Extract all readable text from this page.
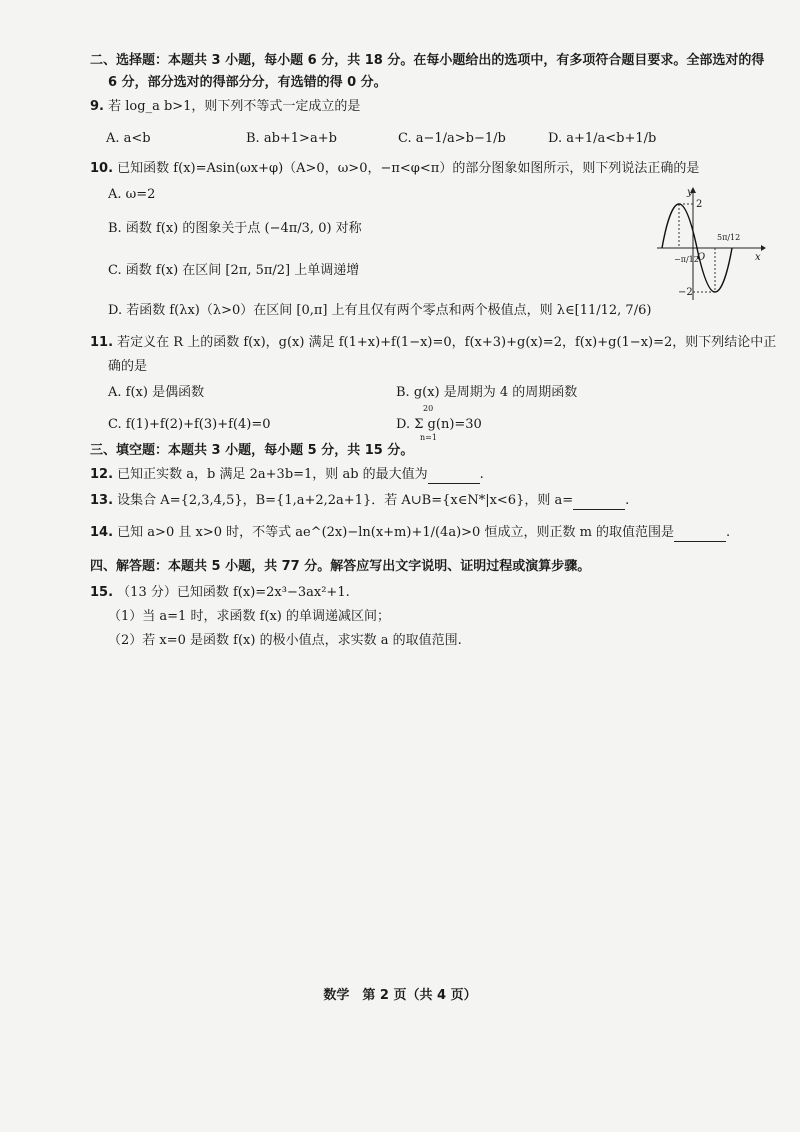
二、选择题：本题共 3 小题，每小题 6 分，共 18 分。在每小题给出的选项中，有多项符合题目要求。全部选对的得
6 分，部分选对的得部分分，有选错的得 0 分。
9. 若 log_a b>1，则下列不等式一定成立的是
A. a<b	B. ab+1>a+b	C. a−1/a>b−1/b	D. a+1/a<b+1/b
10. 已知函数 f(x)=Asin(ωx+φ)（A>0，ω>0，−π<φ<π）的部分图象如图所示，则下列说法正确的是
A. ω=2
B. 函数 f(x) 的图象关于点 (−4π/3, 0) 对称
C. 函数 f(x) 在区间 [2π, 5π/2] 上单调递增
D. 若函数 f(λx)（λ>0）在区间 [0,π] 上有且仅有两个零点和两个极值点，则 λ∈[11/12, 7/6)
y
x
O
2
−2
−π/12
5π/12
11. 若定义在 R 上的函数 f(x)，g(x) 满足 f(1+x)+f(1−x)=0，f(x+3)+g(x)=2，f(x)+g(1−x)=2，则下列结论中正
确的是
A. f(x) 是偶函数	B. g(x) 是周期为 4 的周期函数
C. f(1)+f(2)+f(3)+f(4)=0	D. Σ g(n)=30
20
n=1
三、填空题：本题共 3 小题，每小题 5 分，共 15 分。
12. 已知正实数 a，b 满足 2a+3b=1，则 ab 的最大值为	.
13. 设集合 A={2,3,4,5}，B={1,a+2,2a+1}．若 A∪B={x∈N*|x<6}，则 a=	.
14. 已知 a>0 且 x>0 时，不等式 ae^(2x)−ln(x+m)+1/(4a)>0 恒成立，则正数 m 的取值范围是	.
四、解答题：本题共 5 小题，共 77 分。解答应写出文字说明、证明过程或演算步骤。
15. （13 分）已知函数 f(x)=2x³−3ax²+1.
（1）当 a=1 时，求函数 f(x) 的单调递减区间；
（2）若 x=0 是函数 f(x) 的极小值点，求实数 a 的取值范围.
数学　第 2 页（共 4 页）
